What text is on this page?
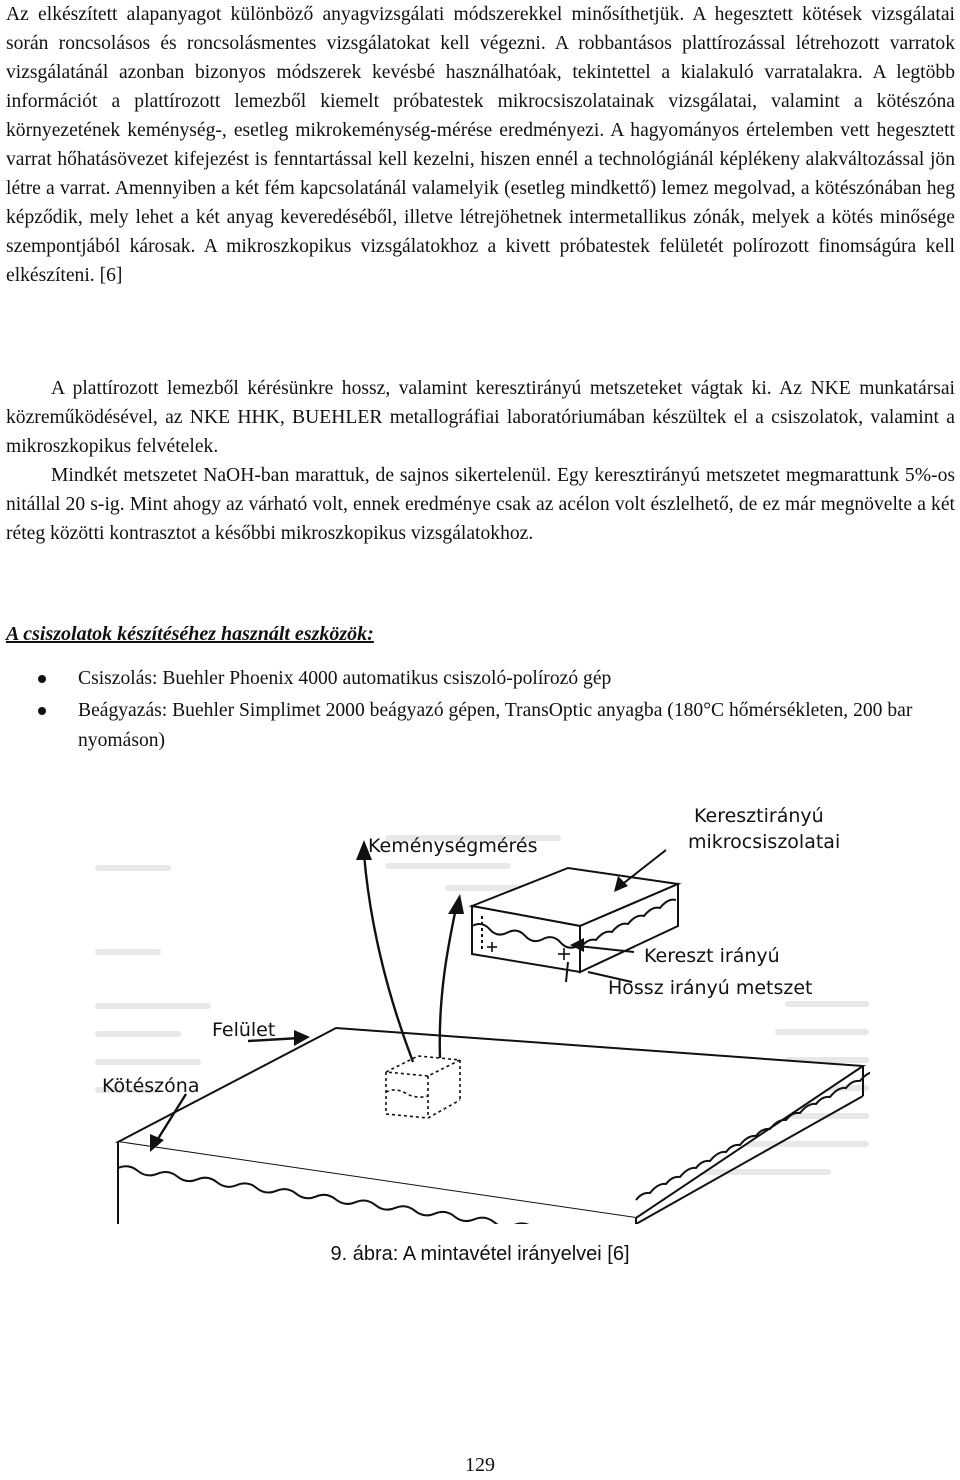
Az elkészített alapanyagot különböző anyagvizsgálati módszerekkel minősíthetjük. A hegesztett kötések vizsgálatai során roncsolásos és roncsolásmentes vizsgálatokat kell végezni. A robbantásos plattírozással létrehozott varratok vizsgálatánál azonban bizonyos módszerek kevésbé használhatóak, tekintettel a kialakuló varratalakra. A legtöbb információt a plattírozott lemezből kiemelt próbatestek mikrocsiszolatainak vizsgálatai, valamint a kötészóna környezetének keménység-, esetleg mikrokeménység-mérése eredményezi. A hagyományos értelemben vett hegesztett varrat hőhatásövezet kifejezést is fenntartással kell kezelni, hiszen ennél a technológiánál képlékeny alakváltozással jön létre a varrat. Amennyiben a két fém kapcsolatánál valamelyik (esetleg mindkettő) lemez megolvad, a kötészónában heg képződik, mely lehet a két anyag keveredéséből, illetve létrejöhetnek intermetallikus zónák, melyek a kötés minősége szempontjából károsak. A mikroszkopikus vizsgálatokhoz a kivett próbatestek felületét polírozott finomságúra kell elkészíteni. [6]

A plattírozott lemezből kérésünkre hossz, valamint keresztirányú metszeteket vágtak ki. Az NKE munkatársai közreműködésével, az NKE HHK, BUEHLER metallográfiai laboratóriumában készültek el a csiszolatok, valamint a mikroszkopikus felvételek.

Mindkét metszetet NaOH-ban marattuk, de sajnos sikertelenül. Egy keresztirányú metszetet megmarattunk 5%-os nitállal 20 s-ig. Mint ahogy az várható volt, ennek eredménye csak az acélon volt észlelhető, de ez már megnövelte a két réteg közötti kontrasztot a későbbi mikroszkopikus vizsgálatokhoz.

A csiszolatok készítéséhez használt eszközök:

Csiszolás: Buehler Phoenix 4000 automatikus csiszoló-polírozó gép
Beágyazás: Buehler Simplimet 2000 beágyazó gépen, TransOptic anyagba (180°C hőmérsékleten, 200 bar nyomáson)
Keménységmérés
Keresztirányú
mikrocsiszolatai
Kereszt irányú
Hossz irányú metszet
Felület
Kötészóna

9. ábra: A mintavétel irányelvei [6]

129
